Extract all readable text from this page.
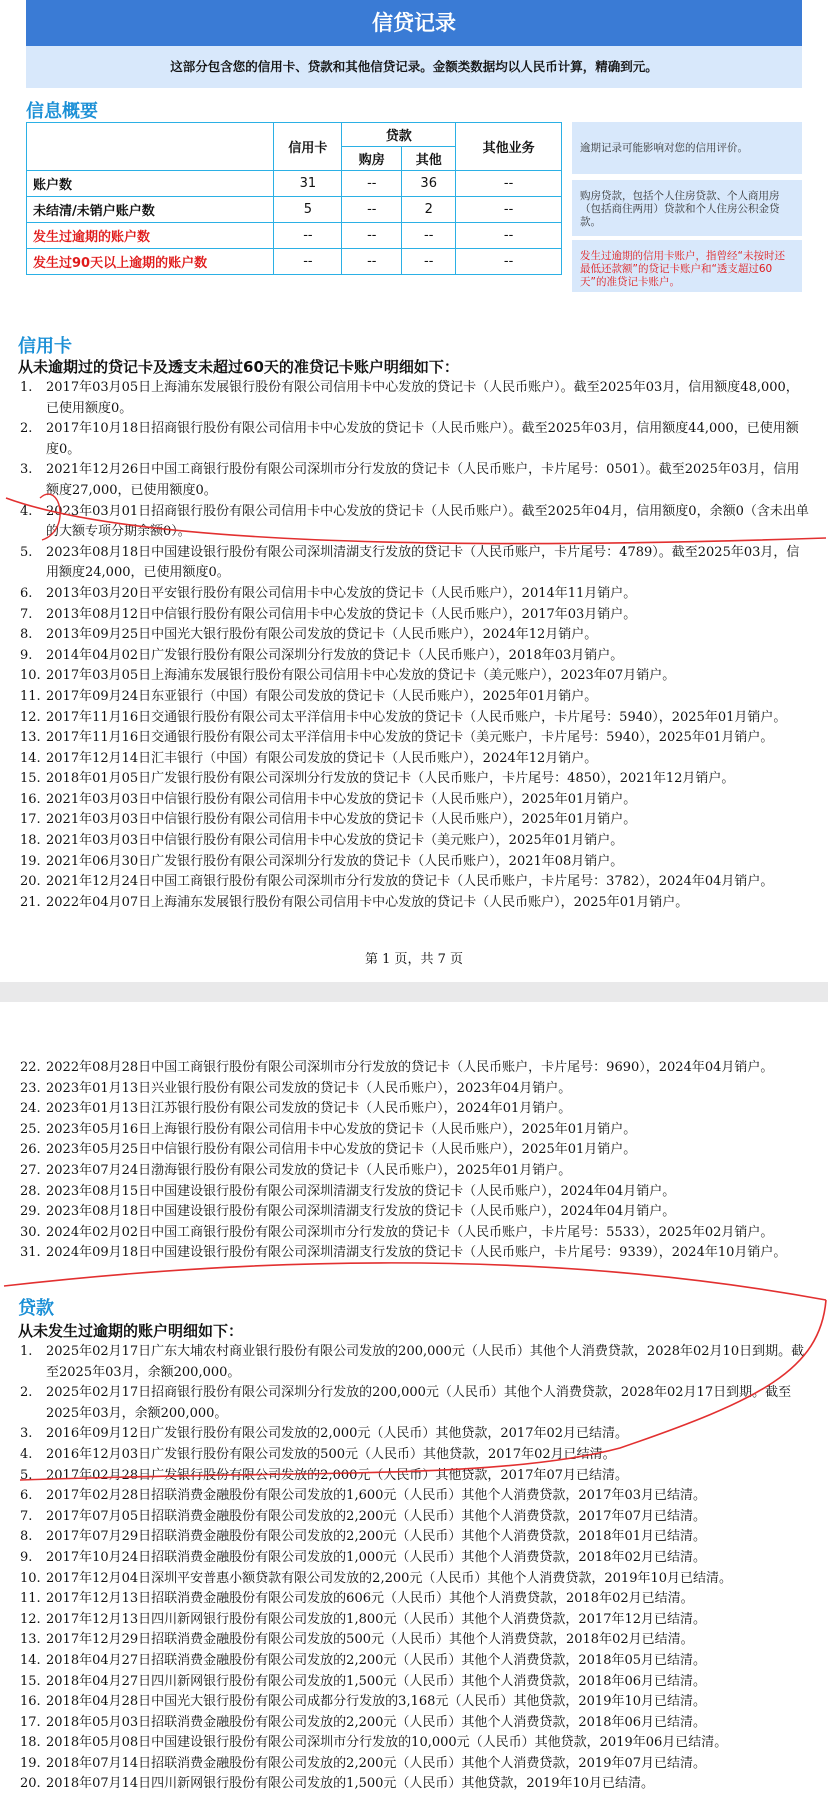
信贷记录
这部分包含您的信用卡、贷款和其他信贷记录。金额类数据均以人民币计算，精确到元。
信息概要
	信用卡	贷款		其他业务
		购房	其他	
账户数	31	--	36	--
未结清/未销户账户数	5	--	2	--
发生过逾期的账户数	--	--	--	--
发生过90天以上逾期的账户数	--	--	--	--
逾期记录可能影响对您的信用评价。
购房贷款，包括个人住房贷款、个人商用房（包括商住两用）贷款和个人住房公积金贷款。
发生过逾期的信用卡账户，指曾经“未按时还最低还款额”的贷记卡账户和“透支超过60天”的准贷记卡账户。
信用卡
从未逾期过的贷记卡及透支未超过60天的准贷记卡账户明细如下：
1.	2017年03月05日上海浦东发展银行股份有限公司信用卡中心发放的贷记卡（人民币账户）。截至2025年03月，信用额度48,000，已使用额度0。
2.	2017年10月18日招商银行股份有限公司信用卡中心发放的贷记卡（人民币账户）。截至2025年03月，信用额度44,000，已使用额度0。
3.	2021年12月26日中国工商银行股份有限公司深圳市分行发放的贷记卡（人民币账户，卡片尾号：0501）。截至2025年03月，信用额度27,000，已使用额度0。
4.	2023年03月01日招商银行股份有限公司信用卡中心发放的贷记卡（人民币账户）。截至2025年04月，信用额度0，余额0（含未出单的大额专项分期余额0）。
5.	2023年08月18日中国建设银行股份有限公司深圳清湖支行发放的贷记卡（人民币账户，卡片尾号：4789）。截至2025年03月，信用额度24,000，已使用额度0。
6.	2013年03月20日平安银行股份有限公司信用卡中心发放的贷记卡（人民币账户），2014年11月销户。
7.	2013年08月12日中信银行股份有限公司信用卡中心发放的贷记卡（人民币账户），2017年03月销户。
8.	2013年09月25日中国光大银行股份有限公司发放的贷记卡（人民币账户），2024年12月销户。
9.	2014年04月02日广发银行股份有限公司深圳分行发放的贷记卡（人民币账户），2018年03月销户。
10. 2017年03月05日上海浦东发展银行股份有限公司信用卡中心发放的贷记卡（美元账户），2023年07月销户。
11. 2017年09月24日东亚银行（中国）有限公司发放的贷记卡（人民币账户），2025年01月销户。
12. 2017年11月16日交通银行股份有限公司太平洋信用卡中心发放的贷记卡（人民币账户，卡片尾号：5940），2025年01月销户。
13. 2017年11月16日交通银行股份有限公司太平洋信用卡中心发放的贷记卡（美元账户，卡片尾号：5940），2025年01月销户。
14. 2017年12月14日汇丰银行（中国）有限公司发放的贷记卡（人民币账户），2024年12月销户。
15. 2018年01月05日广发银行股份有限公司深圳分行发放的贷记卡（人民币账户，卡片尾号：4850），2021年12月销户。
16. 2021年03月03日中信银行股份有限公司信用卡中心发放的贷记卡（人民币账户），2025年01月销户。
17. 2021年03月03日中信银行股份有限公司信用卡中心发放的贷记卡（人民币账户），2025年01月销户。
18. 2021年03月03日中信银行股份有限公司信用卡中心发放的贷记卡（美元账户），2025年01月销户。
19. 2021年06月30日广发银行股份有限公司深圳分行发放的贷记卡（人民币账户），2021年08月销户。
20. 2021年12月24日中国工商银行股份有限公司深圳市分行发放的贷记卡（人民币账户，卡片尾号：3782），2024年04月销户。
21. 2022年04月07日上海浦东发展银行股份有限公司信用卡中心发放的贷记卡（人民币账户），2025年01月销户。
第 1 页，共 7 页
22. 2022年08月28日中国工商银行股份有限公司深圳市分行发放的贷记卡（人民币账户，卡片尾号：9690），2024年04月销户。
23. 2023年01月13日兴业银行股份有限公司发放的贷记卡（人民币账户），2023年04月销户。
24. 2023年01月13日江苏银行股份有限公司发放的贷记卡（人民币账户），2024年01月销户。
25. 2023年05月16日上海银行股份有限公司信用卡中心发放的贷记卡（人民币账户），2025年01月销户。
26. 2023年05月25日中信银行股份有限公司信用卡中心发放的贷记卡（人民币账户），2025年01月销户。
27. 2023年07月24日渤海银行股份有限公司发放的贷记卡（人民币账户），2025年01月销户。
28. 2023年08月15日中国建设银行股份有限公司深圳清湖支行发放的贷记卡（人民币账户），2024年04月销户。
29. 2023年08月18日中国建设银行股份有限公司深圳清湖支行发放的贷记卡（人民币账户），2024年04月销户。
30. 2024年02月02日中国工商银行股份有限公司深圳市分行发放的贷记卡（人民币账户，卡片尾号：5533），2025年02月销户。
31. 2024年09月18日中国建设银行股份有限公司深圳清湖支行发放的贷记卡（人民币账户，卡片尾号：9339），2024年10月销户。
贷款
从未发生过逾期的账户明细如下：
1.	2025年02月17日广东大埔农村商业银行股份有限公司发放的200,000元（人民币）其他个人消费贷款，2028年02月10日到期。截至2025年03月，余额200,000。
2.	2025年02月17日招商银行股份有限公司深圳分行发放的200,000元（人民币）其他个人消费贷款，2028年02月17日到期。截至2025年03月，余额200,000。
3.	2016年09月12日广发银行股份有限公司发放的2,000元（人民币）其他贷款，2017年02月已结清。
4.	2016年12月03日广发银行股份有限公司发放的500元（人民币）其他贷款，2017年02月已结清。
5.	2017年02月28日广发银行股份有限公司发放的2,000元（人民币）其他贷款，2017年07月已结清。
6.	2017年02月28日招联消费金融股份有限公司发放的1,600元（人民币）其他个人消费贷款，2017年03月已结清。
7.	2017年07月05日招联消费金融股份有限公司发放的2,200元（人民币）其他个人消费贷款，2017年07月已结清。
8.	2017年07月29日招联消费金融股份有限公司发放的2,200元（人民币）其他个人消费贷款，2018年01月已结清。
9.	2017年10月24日招联消费金融股份有限公司发放的1,000元（人民币）其他个人消费贷款，2018年02月已结清。
10. 2017年12月04日深圳平安普惠小额贷款有限公司发放的2,200元（人民币）其他个人消费贷款，2019年10月已结清。
11. 2017年12月13日招联消费金融股份有限公司发放的606元（人民币）其他个人消费贷款，2018年02月已结清。
12. 2017年12月13日四川新网银行股份有限公司发放的1,800元（人民币）其他个人消费贷款，2017年12月已结清。
13. 2017年12月29日招联消费金融股份有限公司发放的500元（人民币）其他个人消费贷款，2018年02月已结清。
14. 2018年04月27日招联消费金融股份有限公司发放的2,200元（人民币）其他个人消费贷款，2018年05月已结清。
15. 2018年04月27日四川新网银行股份有限公司发放的1,500元（人民币）其他个人消费贷款，2018年06月已结清。
16. 2018年04月28日中国光大银行股份有限公司成都分行发放的3,168元（人民币）其他贷款，2019年10月已结清。
17. 2018年05月03日招联消费金融股份有限公司发放的2,200元（人民币）其他个人消费贷款，2018年06月已结清。
18. 2018年05月08日中国建设银行股份有限公司深圳市分行发放的10,000元（人民币）其他贷款，2019年06月已结清。
19. 2018年07月14日招联消费金融股份有限公司发放的2,200元（人民币）其他个人消费贷款，2019年07月已结清。
20. 2018年07月14日四川新网银行股份有限公司发放的1,500元（人民币）其他贷款，2019年10月已结清。
